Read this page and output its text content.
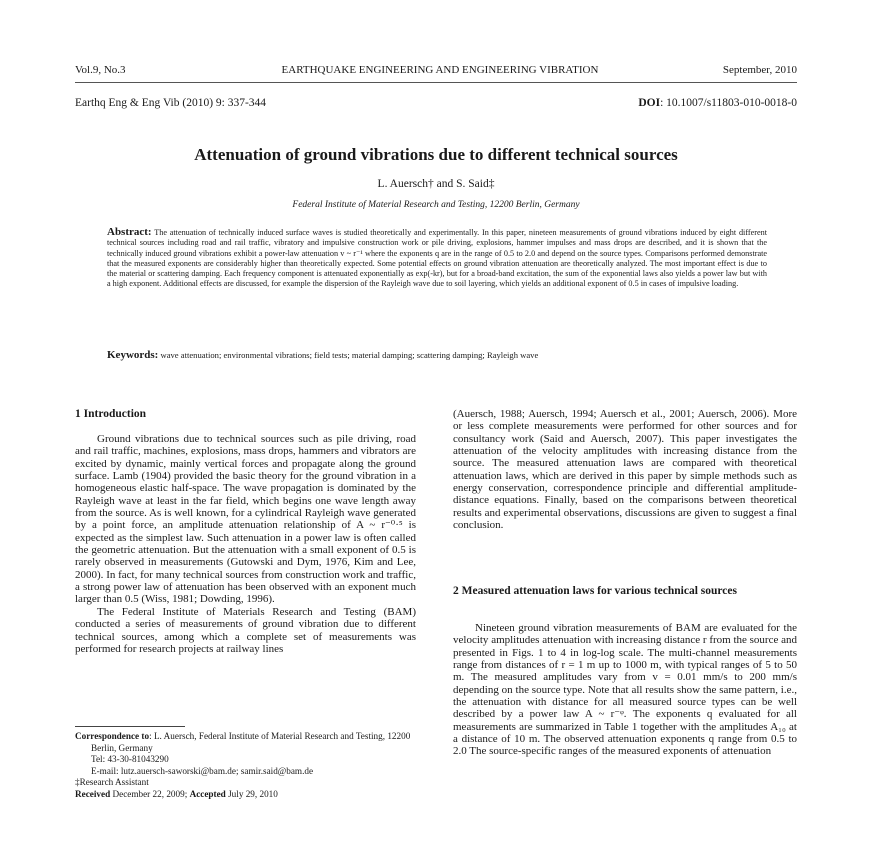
Vol.9, No.3	EARTHQUAKE ENGINEERING AND ENGINEERING VIBRATION	September, 2010
Earthq Eng & Eng Vib (2010) 9: 337-344	DOI: 10.1007/s11803-010-0018-0
Attenuation of ground vibrations due to different technical sources
L. Auersch† and S. Said‡
Federal Institute of Material Research and Testing, 12200 Berlin, Germany
Abstract: The attenuation of technically induced surface waves is studied theoretically and experimentally. In this paper, nineteen measurements of ground vibrations induced by eight different technical sources including road and rail traffic, vibratory and impulsive construction work or pile driving, explosions, hammer impulses and mass drops are described, and it is shown that the technically induced ground vibrations exhibit a power-law attenuation v ~ r⁻¹ where the exponents q are in the range of 0.5 to 2.0 and depend on the source types. Comparisons performed demonstrate that the measured exponents are considerably higher than theoretically expected. Some potential effects on ground vibration attenuation are theoretically analyzed. The most important effect is due to the material or scattering damping. Each frequency component is attenuated exponentially as exp(-kr), but for a broad-band excitation, the sum of the exponential laws also yields a power law but with a high exponent. Additional effects are discussed, for example the dispersion of the Rayleigh wave due to soil layering, which yields an additional exponent of 0.5 in cases of impulsive loading.
Keywords: wave attenuation; environmental vibrations; field tests; material damping; scattering damping; Rayleigh wave
1 Introduction

Ground vibrations due to technical sources such as pile driving, road and rail traffic, machines, explosions, mass drops, hammers and vibrators are excited by dynamic, mainly vertical forces and propagate along the ground surface. Lamb (1904) provided the basic theory for the ground vibration in a homogeneous elastic half-space. The wave propagation is dominated by the Rayleigh wave at least in the far field, which begins one wave length away from the source. As is well known, for a cylindrical Rayleigh wave generated by a point force, an amplitude attenuation relationship of A ~ r⁻⁰·⁵ is expected as the simplest law. Such attenuation in a power law is often called the geometric attenuation. But the attenuation with a small exponent of 0.5 is rarely observed in measurements (Gutowski and Dym, 1976, Kim and Lee, 2000). In fact, for many technical sources from construction work and traffic, a strong power law of attenuation has been observed with an exponent much larger than 0.5 (Wiss, 1981; Dowding, 1996).

The Federal Institute of Materials Research and Testing (BAM) conducted a series of measurements of ground vibration due to different technical sources, among which a complete set of measurements was performed for research projects at railway lines

Correspondence to: L. Auersch, Federal Institute of Material Research and Testing, 12200 Berlin, Germany
Tel: 43-30-81043290
E-mail: lutz.auersch-saworski@bam.de; samir.said@bam.de
‡Research Assistant
Received December 22, 2009; Accepted July 29, 2010

(Auersch, 1988; Auersch, 1994; Auersch et al., 2001; Auersch, 2006). More or less complete measurements were performed for other sources and for consultancy work (Said and Auersch, 2007). This paper investigates the attenuation of the velocity amplitudes with increasing distance from the source. The measured attenuation laws are compared with theoretical attenuation laws, which are derived in this paper by simple methods such as energy conservation, correspondence principle and differential amplitude-distance equations. Finally, based on the comparisons between theoretical results and experimental observations, discussions are given to suggest a final conclusion.

2 Measured attenuation laws for various technical sources

Nineteen ground vibration measurements of BAM are evaluated for the velocity amplitudes attenuation with increasing distance r from the source and presented in Figs. 1 to 4 in log-log scale. The multi-channel measurements range from distances of r = 1 m up to 1000 m, with typical ranges of 5 to 50 m. The measured amplitudes vary from v = 0.01 mm/s to 200 mm/s depending on the source type. Note that all results show the same pattern, i.e., the attenuation with distance for all measured source types can be well described by a power law A ~ r⁻ᵠ. The exponents q evaluated for all measurements are summarized in Table 1 together with the amplitudes A₁₀ at a distance of 10 m. The observed attenuation exponents q range from 0.5 to 2.0 The source-specific ranges of the measured exponents of attenuation
